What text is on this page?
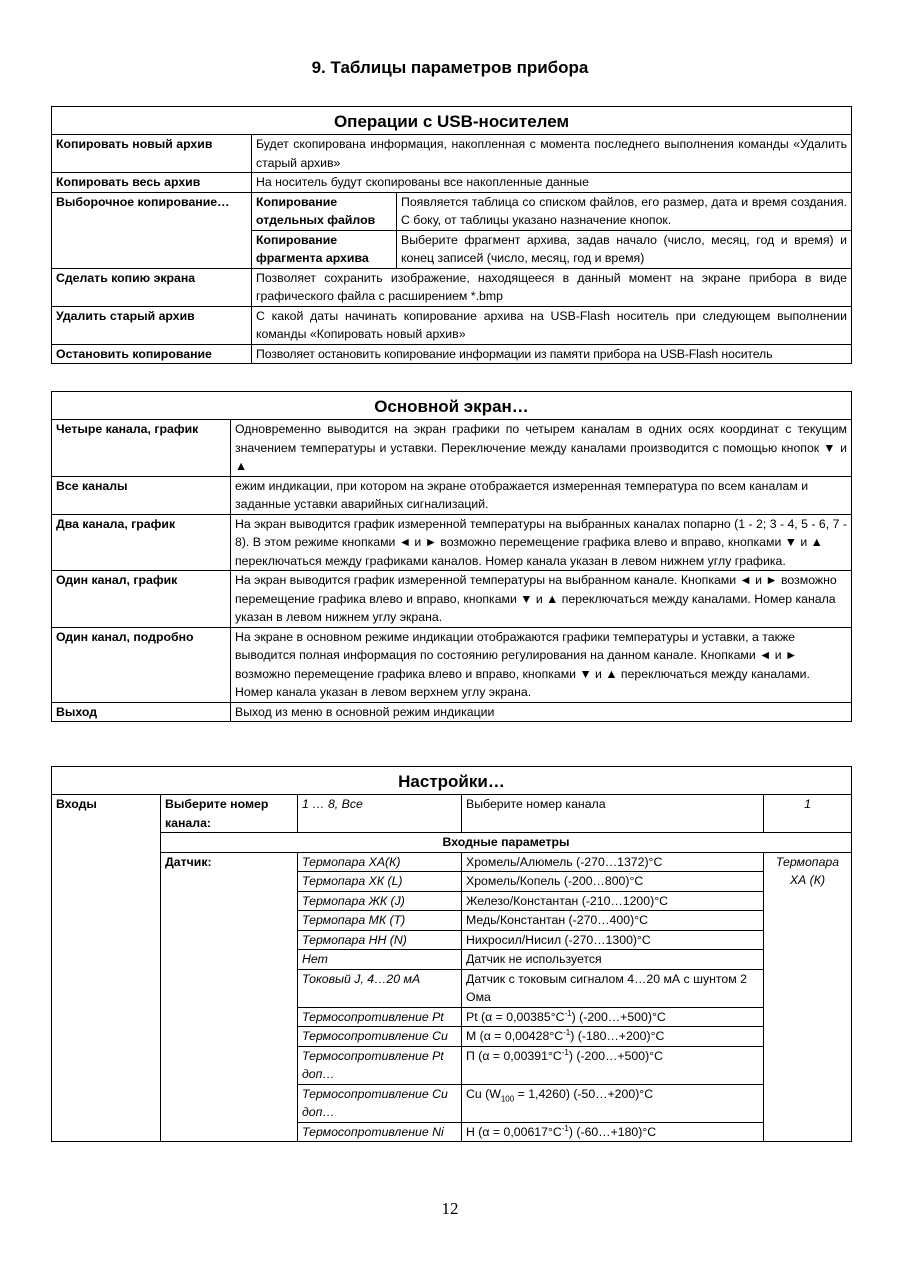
9. Таблицы параметров прибора
Операции с USB-носителем		
Копировать новый архив	Будет скопирована информация, накопленная с момента последнего выполнения команды «Удалить старый архив»	
Копировать весь архив	На носитель будут скопированы все накопленные данные	
Выборочное копирование…	Копирование отдельных файлов	Появляется таблица со списком файлов, его размер, дата и время создания. С боку, от таблицы указано назначение кнопок.
	Копирование фрагмента архива	Выберите фрагмент архива, задав начало (число, месяц, год и время) и конец записей (число, месяц, год и время)
Сделать копию экрана	Позволяет сохранить изображение, находящееся в данный момент на экране прибора в виде графического файла с расширением *.bmp	
Удалить старый архив	С какой даты начинать копирование архива на USB-Flash носитель при следующем выполнении команды «Копировать новый архив»	
Остановить копирование	Позволяет остановить копирование информации из памяти прибора на USB-Flash носитель	
Основной экран…	
Четыре канала, график	Одновременно выводится на экран графики по четырем каналам в одних осях координат с текущим значением температуры и уставки. Переключение между каналами производится с помощью кнопок ▼ и ▲
Все каналы	ежим индикации, при котором на экране отображается измеренная температура по всем каналам и заданные уставки аварийных сигнализаций.
Два канала, график	На экран выводится график измеренной температуры на выбранных каналах попарно (1 - 2; 3 - 4, 5 - 6, 7 - 8). В этом режиме кнопками ◄ и ► возможно перемещение графика влево и вправо, кнопками ▼ и ▲ переключаться между графиками каналов. Номер канала указан в левом нижнем углу графика.
Один канал, график	На экран выводится график измеренной температуры на выбранном канале. Кнопками ◄ и ► возможно перемещение графика влево и вправо, кнопками ▼ и ▲ переключаться между каналами. Номер канала указан в левом нижнем углу экрана.
Один канал, подробно	На экране в основном режиме индикации отображаются графики температуры и уставки, а также выводится полная информация по состоянию регулирования на данном канале. Кнопками ◄ и ► возможно перемещение графика влево и вправо, кнопками ▼ и ▲ переключаться между каналами. Номер канала указан в левом верхнем углу экрана.
Выход	Выход из меню в основной режим индикации
Настройки…				
Входы	Выберите номер канала:	1 … 8, Все	Выберите номер канала	1
	Входные параметры			
	Датчик:	Термопара ХА(К)	Хромель/Алюмель (-270…1372)°C	Термопара ХА (К)
		Термопара ХК (L)	Хромель/Копель (-200…800)°C	
		Термопара ЖК (J)	Железо/Константан (-210…1200)°C	
		Термопара МК (Т)	Медь/Константан (-270…400)°C	
		Термопара НН (N)	Нихросил/Нисил (-270…1300)°C	
		Нет	Датчик не используется	
		Токовый J, 4…20 мА	Датчик с токовым сигналом 4…20 мА с шунтом 2 Ома	
		Термосопротивление Pt	Pt $(\alpha = 0,00385^\circ C^{-1})$ (-200…+500)°C	
		Термосопротивление Cu	М $(\alpha = 0,00428^\circ C^{-1})$ (-180…+200)°C	
		Термосопротивление Pt доп…	П $(\alpha = 0,00391^\circ C^{-1})$ (-200…+500)°C	
		Термосопротивление Cu доп…	Cu $(W_{100} = 1,4260)$ (-50…+200)°C	
		Термосопротивление Ni	Н $(\alpha = 0,00617^\circ C^{-1})$ (-60…+180)°C	
12
